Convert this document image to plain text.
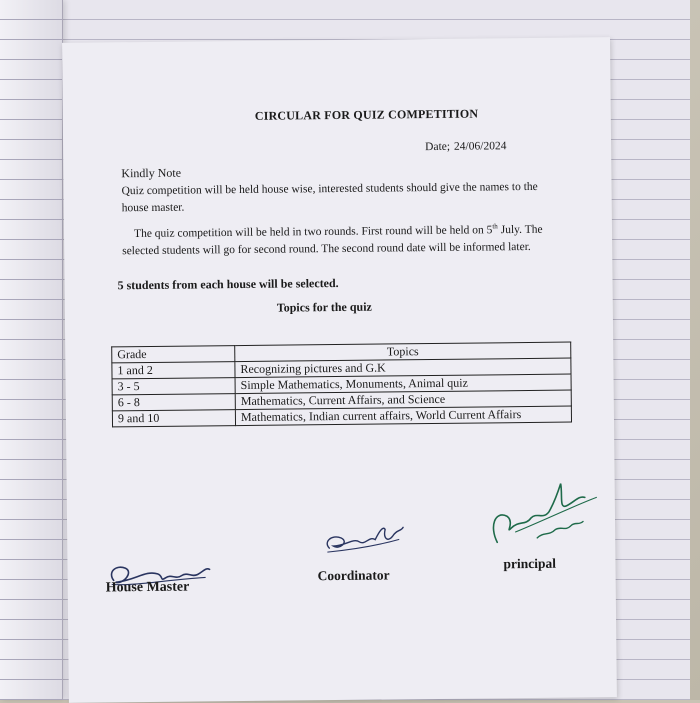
CIRCULAR FOR QUIZ COMPETITION
Date; 24/06/2024
Kindly Note

Quiz competition will be held house wise, interested students should give the names to the house master.

The quiz competition will be held in two rounds. First round will be held on 5th July. The selected students will go for second round. The second round date will be informed later.

5 students from each house will be selected.
Topics for the quiz
Grade	Topics
1 and 2	Recognizing pictures and G.K
3 - 5	Simple Mathematics, Monuments, Animal quiz
6 - 8	Mathematics, Current Affairs, and Science
9 and 10	Mathematics, Indian current affairs, World Current Affairs
House Master
Coordinator
principal
